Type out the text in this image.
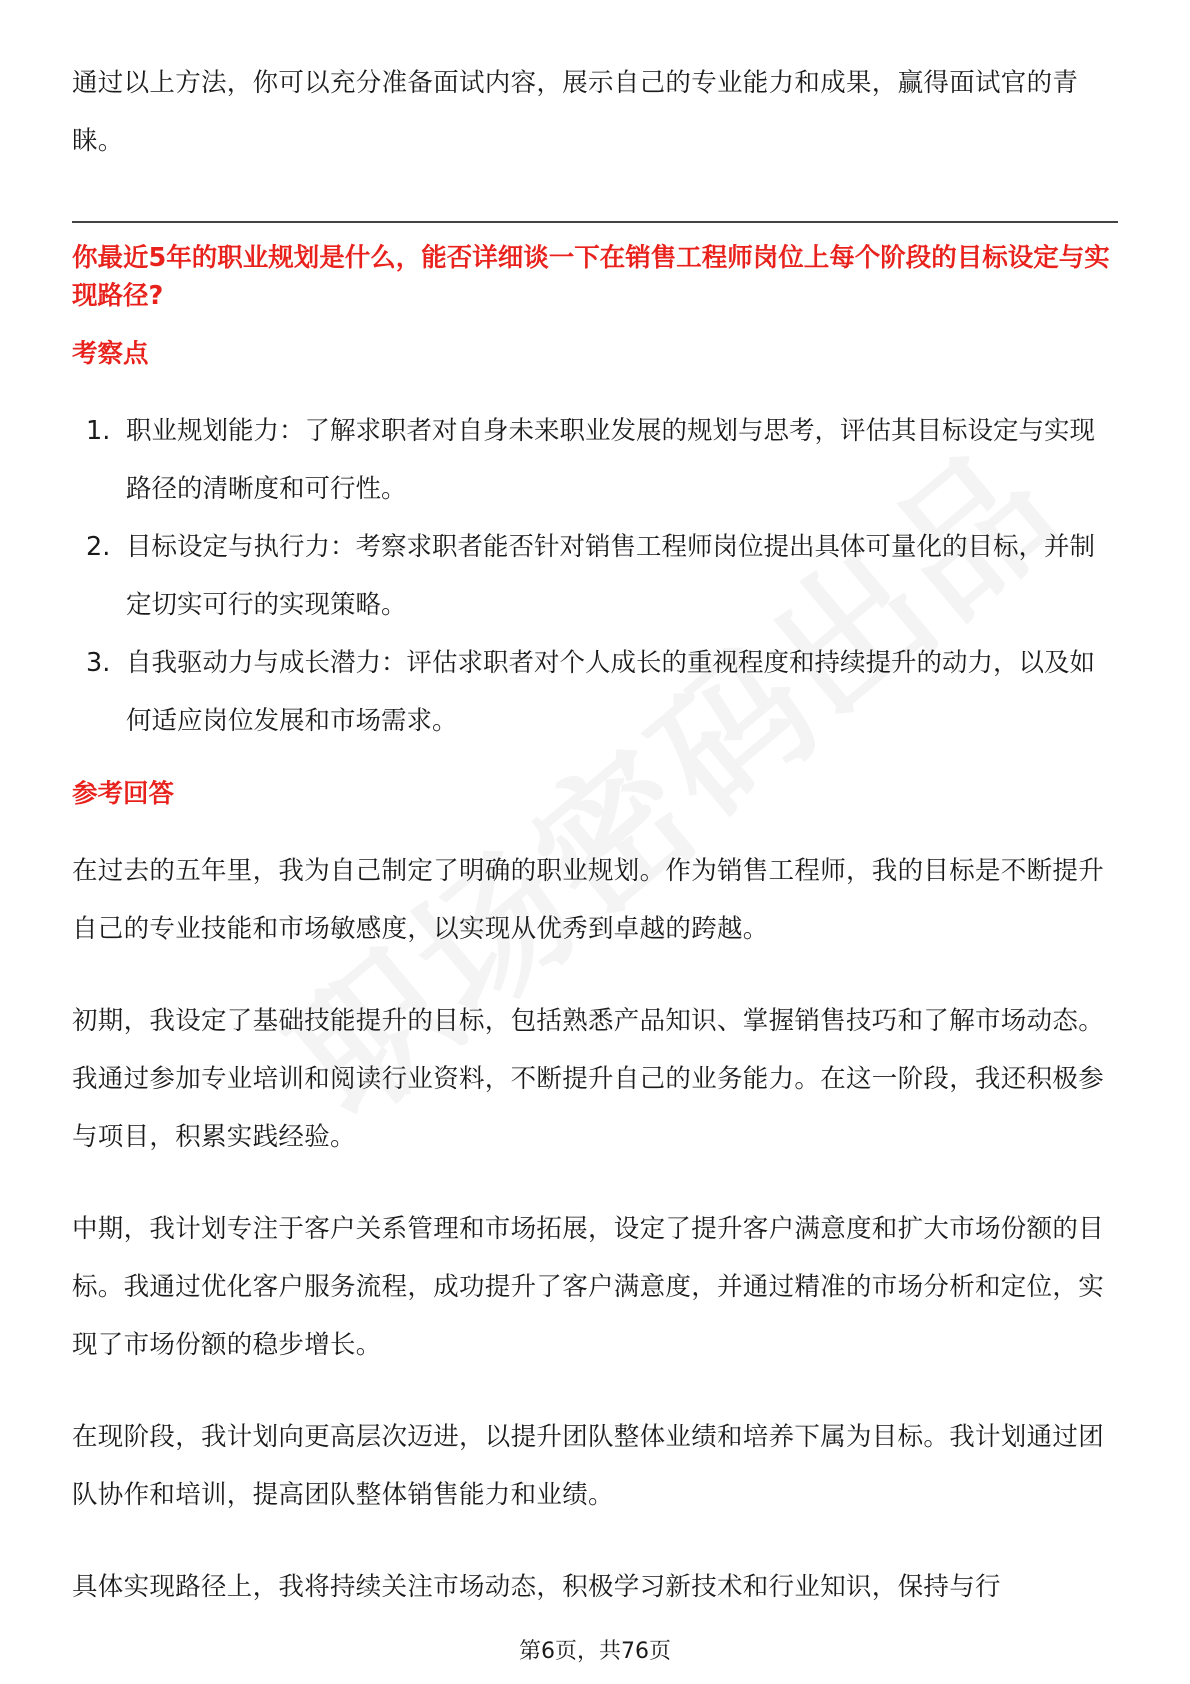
通过以上方法，你可以充分准备面试内容，展示自己的专业能力和成果，赢得面试官的青睐。

你最近5年的职业规划是什么，能否详细谈一下在销售工程师岗位上每个阶段的目标设定与实现路径?

考察点
1. 职业规划能力：了解求职者对自身未来职业发展的规划与思考，评估其目标设定与实现路径的清晰度和可行性。
2. 目标设定与执行力：考察求职者能否针对销售工程师岗位提出具体可量化的目标，并制定切实可行的实现策略。
3. 自我驱动力与成长潜力：评估求职者对个人成长的重视程度和持续提升的动力，以及如何适应岗位发展和市场需求。
参考回答

在过去的五年里，我为自己制定了明确的职业规划。作为销售工程师，我的目标是不断提升自己的专业技能和市场敏感度，以实现从优秀到卓越的跨越。

初期，我设定了基础技能提升的目标，包括熟悉产品知识、掌握销售技巧和了解市场动态。我通过参加专业培训和阅读行业资料，不断提升自己的业务能力。在这一阶段，我还积极参与项目，积累实践经验。

中期，我计划专注于客户关系管理和市场拓展，设定了提升客户满意度和扩大市场份额的目标。我通过优化客户服务流程，成功提升了客户满意度，并通过精准的市场分析和定位，实现了市场份额的稳步增长。

在现阶段，我计划向更高层次迈进，以提升团队整体业绩和培养下属为目标。我计划通过团队协作和培训，提高团队整体销售能力和业绩。

具体实现路径上，我将持续关注市场动态，积极学习新技术和行业知识，保持与行

第6页，共76页
